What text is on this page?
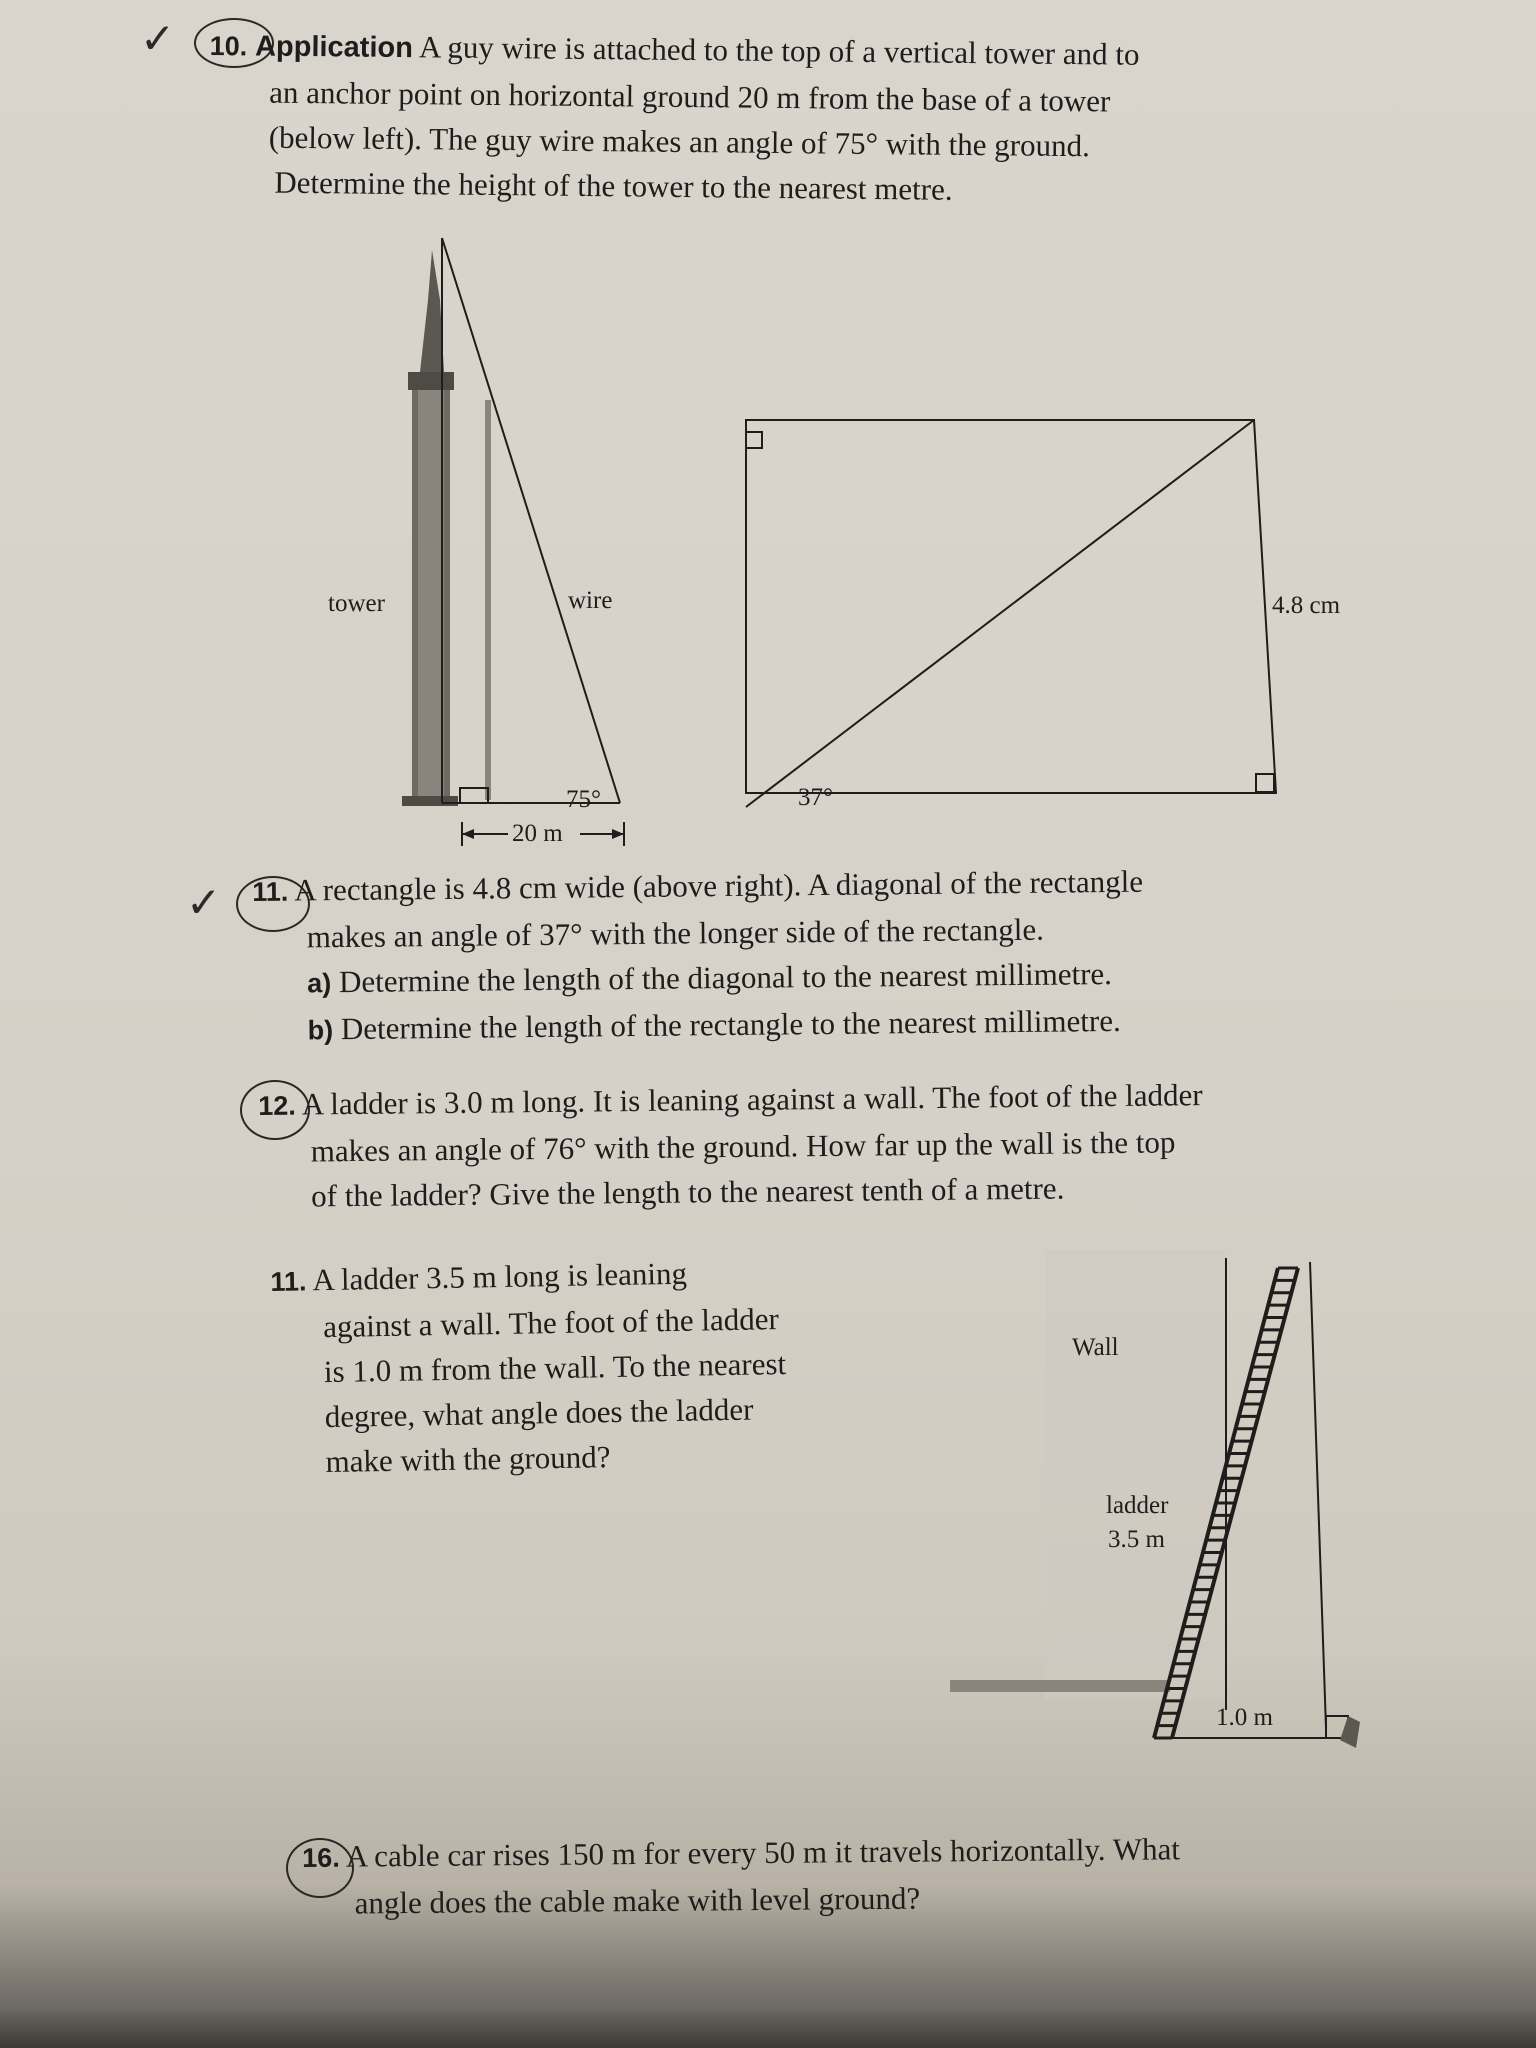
✓ 10. Application A guy wire is attached to the top of a vertical tower and to
an anchor point on horizontal ground 20 m from the base of a tower
(below left). The guy wire makes an angle of 75° with the ground.
Determine the height of the tower to the nearest metre.
tower	wire
75°
20 m
4.8 cm
37°
✓ 11. A rectangle is 4.8 cm wide (above right). A diagonal of the rectangle
makes an angle of 37° with the longer side of the rectangle.
a) Determine the length of the diagonal to the nearest millimetre.
b) Determine the length of the rectangle to the nearest millimetre.
12. A ladder is 3.0 m long. It is leaning against a wall. The foot of the ladder
makes an angle of 76° with the ground. How far up the wall is the top
of the ladder? Give the length to the nearest tenth of a metre.
11. A ladder 3.5 m long is leaning
against a wall. The foot of the ladder
is 1.0 m from the wall. To the nearest
degree, what angle does the ladder
make with the ground?
Wall
ladder
3.5 m
1.0 m
16. A cable car rises 150 m for every 50 m it travels horizontally. What
angle does the cable make with level ground?
